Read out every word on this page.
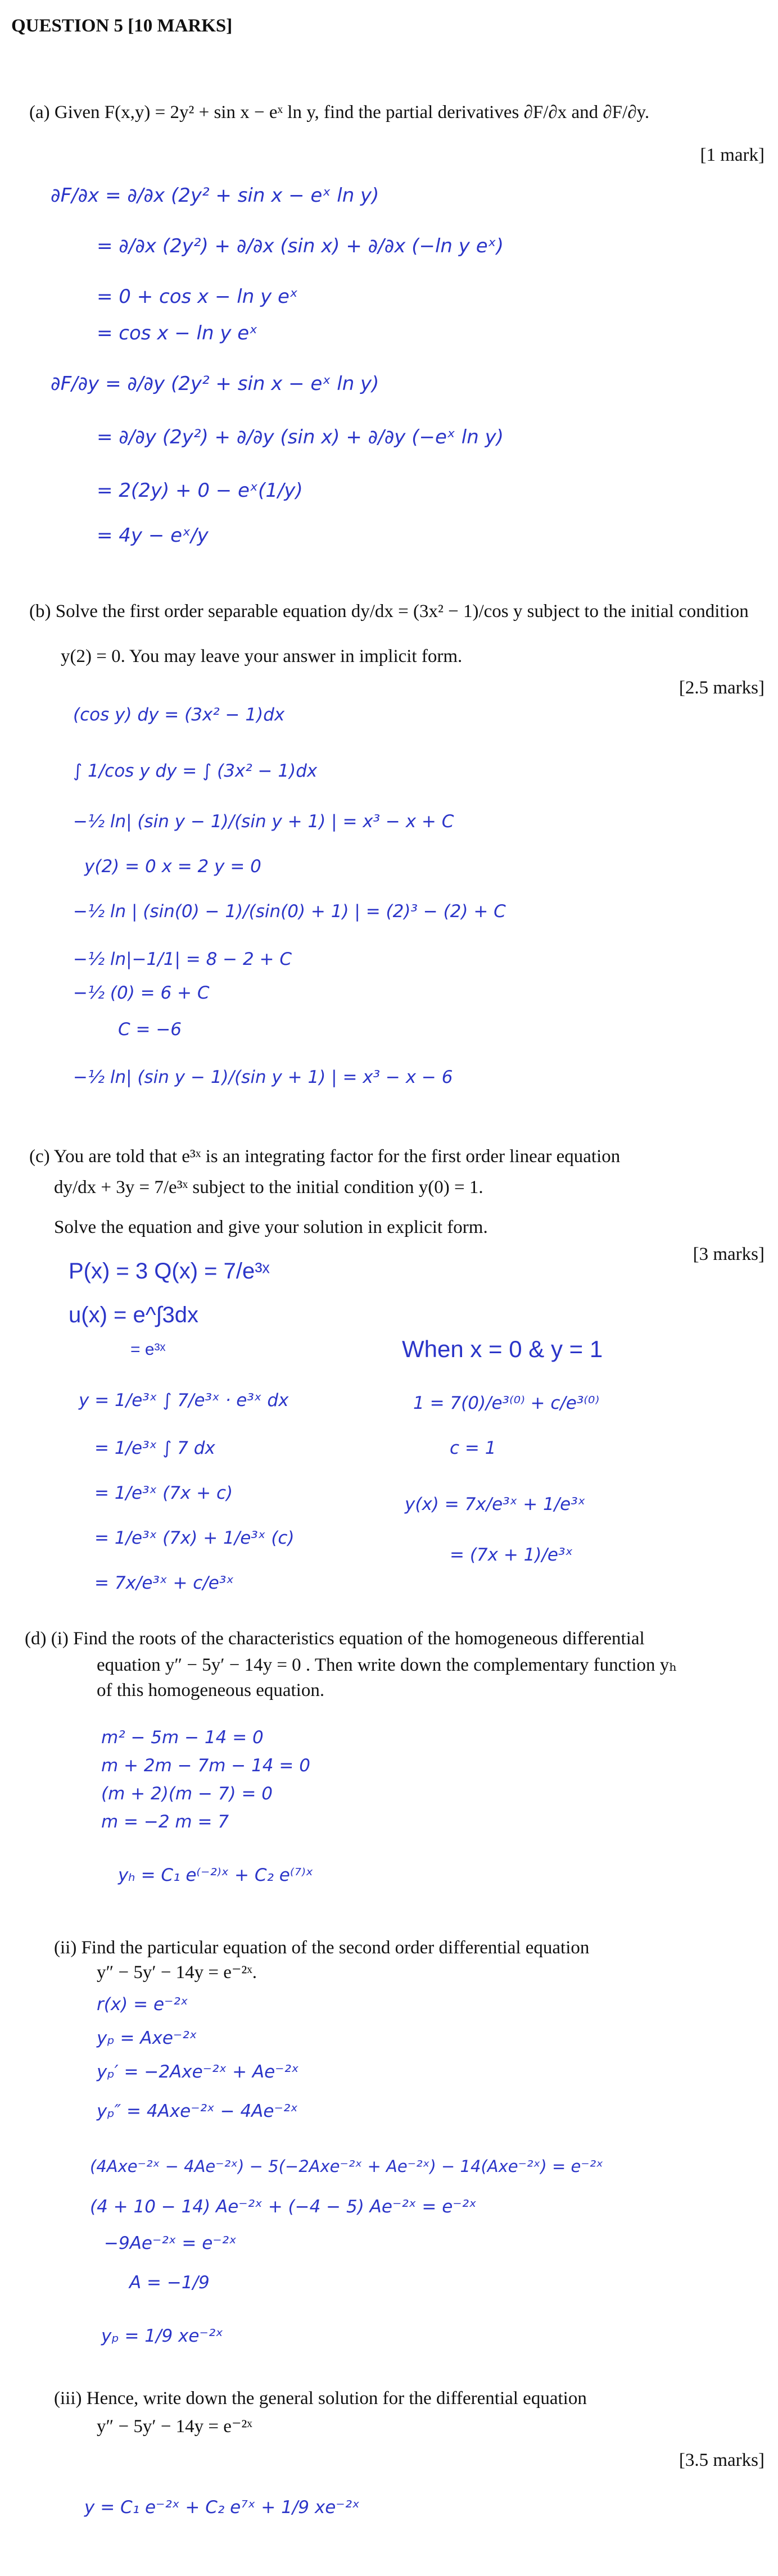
QUESTION 5 [10 MARKS]
(a) Given F(x,y) = 2y² + sin x − eˣ ln y, find the partial derivatives ∂F/∂x and ∂F/∂y.
[1 mark]
∂F/∂x = ∂/∂x (2y² + sin x − eˣ ln y)
= ∂/∂x (2y²) + ∂/∂x (sin x) + ∂/∂x (−ln y eˣ)
= 0 + cos x − ln y eˣ
= cos x − ln y eˣ
∂F/∂y = ∂/∂y (2y² + sin x − eˣ ln y)
= ∂/∂y (2y²) + ∂/∂y (sin x) + ∂/∂y (−eˣ ln y)
= 2(2y) + 0 − eˣ(1/y)
= 4y − eˣ/y
(b) Solve the first order separable equation dy/dx = (3x² − 1)/cos y subject to the initial condition
y(2) = 0. You may leave your answer in implicit form.
[2.5 marks]
(cos y) dy = (3x² − 1)dx
∫ 1/cos y dy = ∫ (3x² − 1)dx
−½ ln| (sin y − 1)/(sin y + 1) | = x³ − x + C
y(2) = 0 x = 2 y = 0
−½ ln | (sin(0) − 1)/(sin(0) + 1) | = (2)³ − (2) + C
−½ ln|−1/1| = 8 − 2 + C
−½ (0) = 6 + C
C = −6
−½ ln| (sin y − 1)/(sin y + 1) | = x³ − x − 6
(c) You are told that e³ˣ is an integrating factor for the first order linear equation
dy/dx + 3y = 7/e³ˣ subject to the initial condition y(0) = 1.
Solve the equation and give your solution in explicit form.
[3 marks]
P(x) = 3 Q(x) = 7/e³ˣ
u(x) = e^∫3dx
= e³ˣ
y = 1/e³ˣ ∫ 7/e³ˣ · e³ˣ dx
= 1/e³ˣ ∫ 7 dx
= 1/e³ˣ (7x + c)
= 1/e³ˣ (7x) + 1/e³ˣ (c)
= 7x/e³ˣ + c/e³ˣ
When x = 0 & y = 1
1 = 7(0)/e³⁽⁰⁾ + c/e³⁽⁰⁾
c = 1
y(x) = 7x/e³ˣ + 1/e³ˣ
= (7x + 1)/e³ˣ
(d) (i) Find the roots of the characteristics equation of the homogeneous differential
equation y″ − 5y′ − 14y = 0 . Then write down the complementary function yₕ
of this homogeneous equation.
m² − 5m − 14 = 0
m + 2m − 7m − 14 = 0
(m + 2)(m − 7) = 0
m = −2 m = 7
yₕ = C₁ e⁽⁻²⁾ˣ + C₂ e⁽⁷⁾ˣ
(ii) Find the particular equation of the second order differential equation
y″ − 5y′ − 14y = e⁻²ˣ.
r(x) = e⁻²ˣ
yₚ = Axe⁻²ˣ
yₚ′ = −2Axe⁻²ˣ + Ae⁻²ˣ
yₚ″ = 4Axe⁻²ˣ − 4Ae⁻²ˣ
(4Axe⁻²ˣ − 4Ae⁻²ˣ) − 5(−2Axe⁻²ˣ + Ae⁻²ˣ) − 14(Axe⁻²ˣ) = e⁻²ˣ
(4 + 10 − 14) Ae⁻²ˣ + (−4 − 5) Ae⁻²ˣ = e⁻²ˣ
−9Ae⁻²ˣ = e⁻²ˣ
A = −1/9
yₚ = 1/9 xe⁻²ˣ
(iii) Hence, write down the general solution for the differential equation
y″ − 5y′ − 14y = e⁻²ˣ
[3.5 marks]
y = C₁ e⁻²ˣ + C₂ e⁷ˣ + 1/9 xe⁻²ˣ
